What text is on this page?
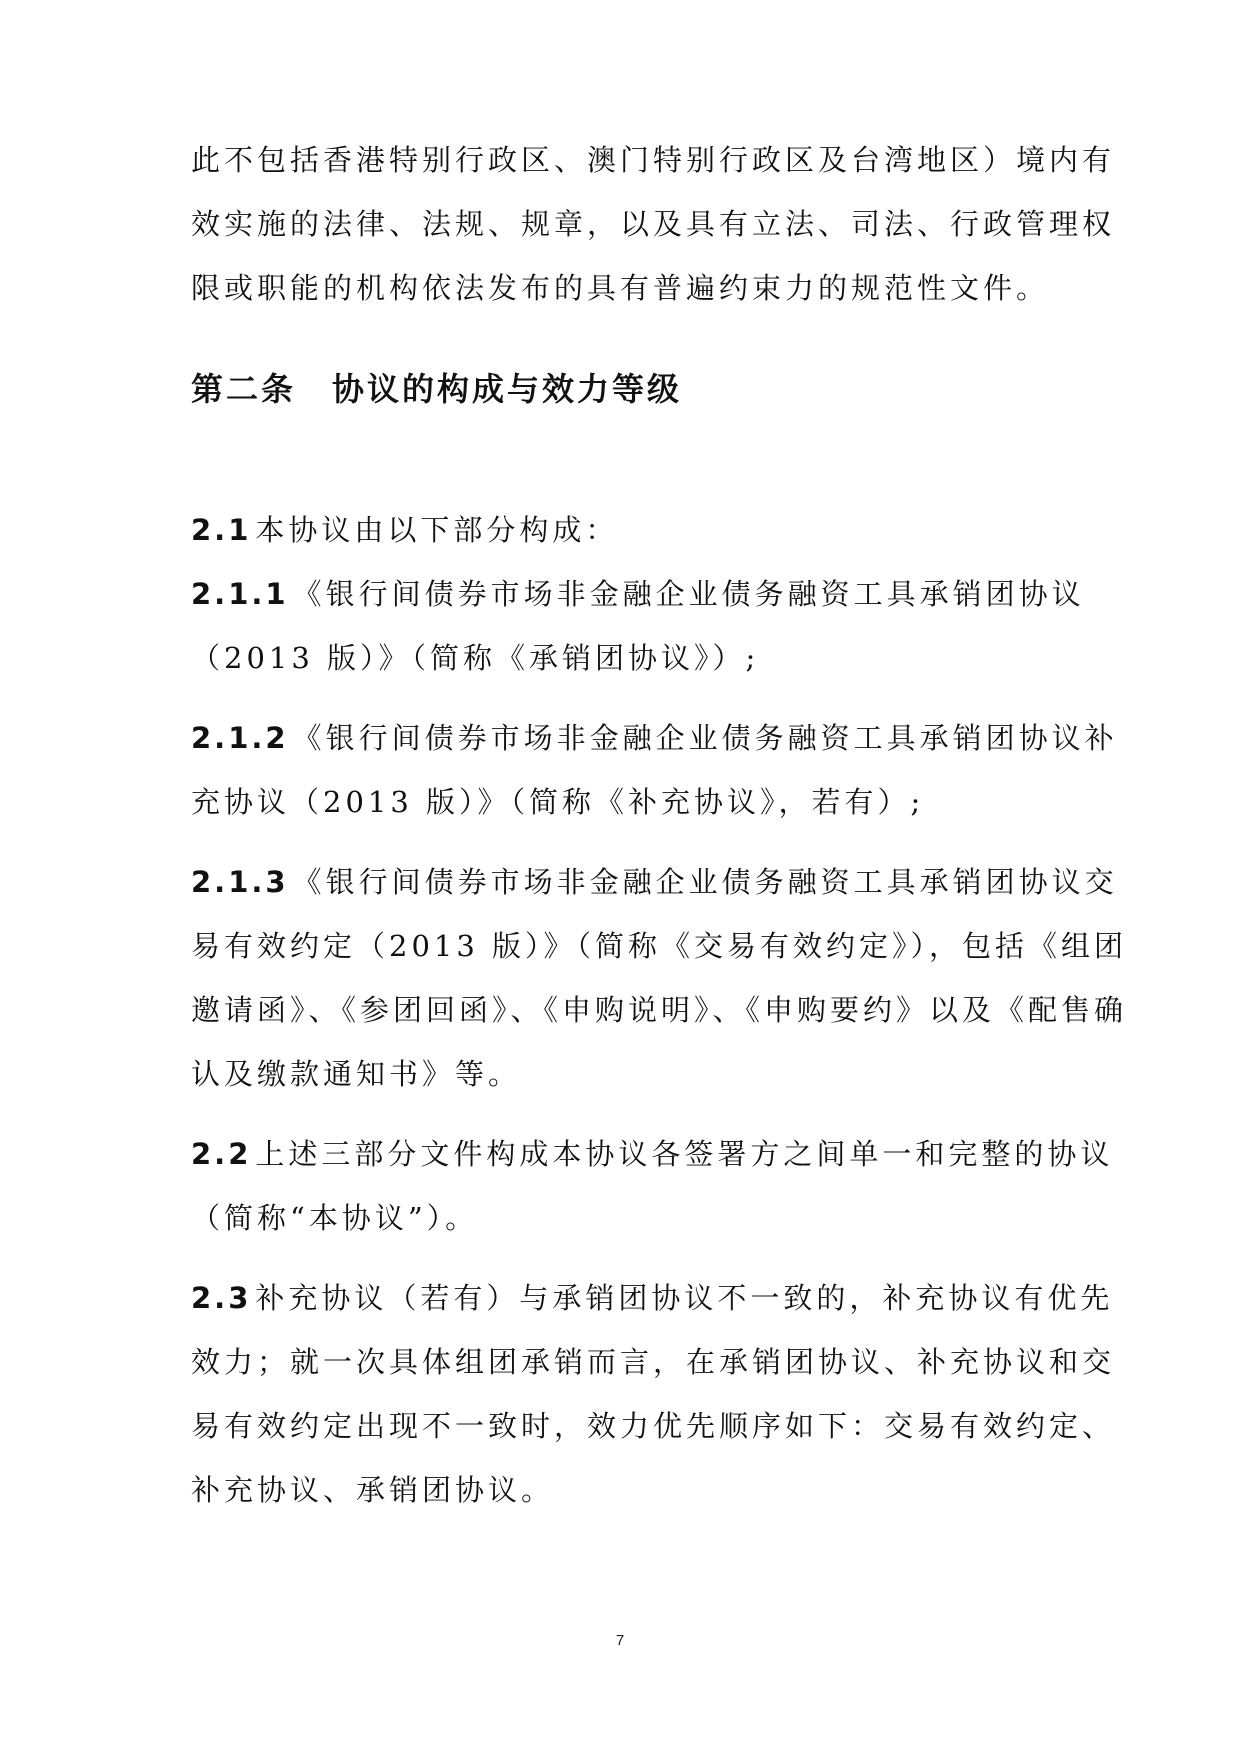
此不包括香港特别行政区、澳门特别行政区及台湾地区）境内有
效实施的法律、法规、规章，以及具有立法、司法、行政管理权
限或职能的机构依法发布的具有普遍约束力的规范性文件。

第二条 协议的构成与效力等级

2.1 本协议由以下部分构成：

2.1.1 《银行间债券市场非金融企业债务融资工具承销团协议
（2013 版）》（简称《承销团协议》）;

2.1.2 《银行间债券市场非金融企业债务融资工具承销团协议补
充协议（2013 版）》（简称《补充协议》，若有）;

2.1.3 《银行间债券市场非金融企业债务融资工具承销团协议交
易有效约定（2013 版）》（简称《交易有效约定》），包括《组团
邀请函》、《参团回函》、《申购说明》、《申购要约》以及《配售确
认及缴款通知书》等。

2.2 上述三部分文件构成本协议各签署方之间单一和完整的协议
（简称“本协议”）。

2.3 补充协议（若有）与承销团协议不一致的，补充协议有优先
效力；就一次具体组团承销而言，在承销团协议、补充协议和交
易有效约定出现不一致时，效力优先顺序如下：交易有效约定、
补充协议、承销团协议。

7
